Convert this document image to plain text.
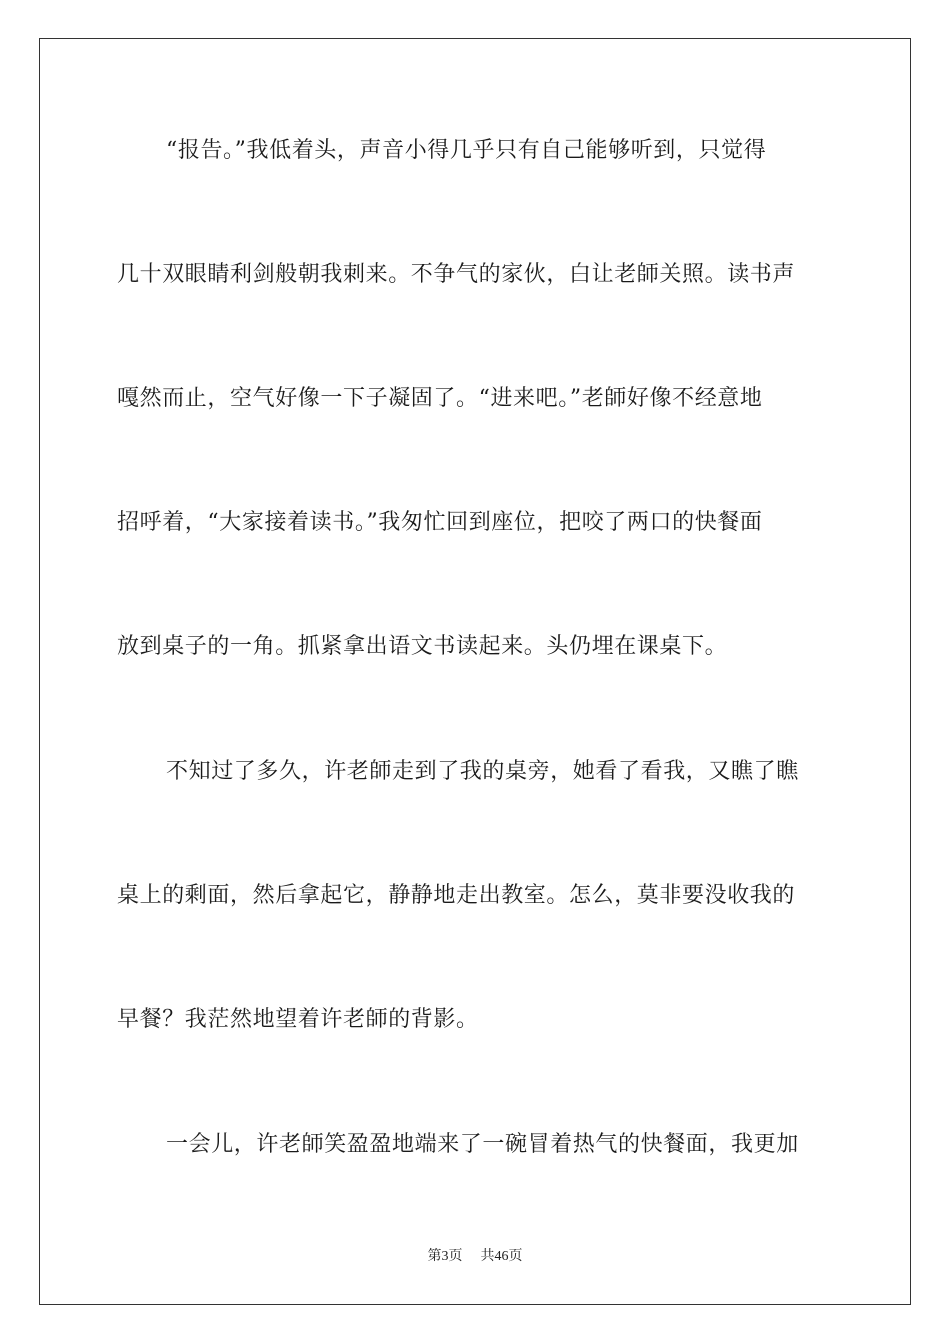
“报告。”我低着头，声音小得几乎只有自己能够听到，只觉得
几十双眼睛利剑般朝我刺来。不争气的家伙，白让老師关照。读书声
嘎然而止，空气好像一下子凝固了。“进来吧。”老師好像不经意地
招呼着，“大家接着读书。”我匆忙回到座位，把咬了两口的快餐面
放到桌子的一角。抓紧拿出语文书读起来。头仍埋在课桌下。
不知过了多久，许老師走到了我的桌旁，她看了看我，又瞧了瞧
桌上的剩面，然后拿起它，静静地走出教室。怎么，莫非要没收我的
早餐？我茫然地望着许老師的背影。
一会儿，许老師笑盈盈地端来了一碗冒着热气的快餐面，我更加
第3页 共46页
